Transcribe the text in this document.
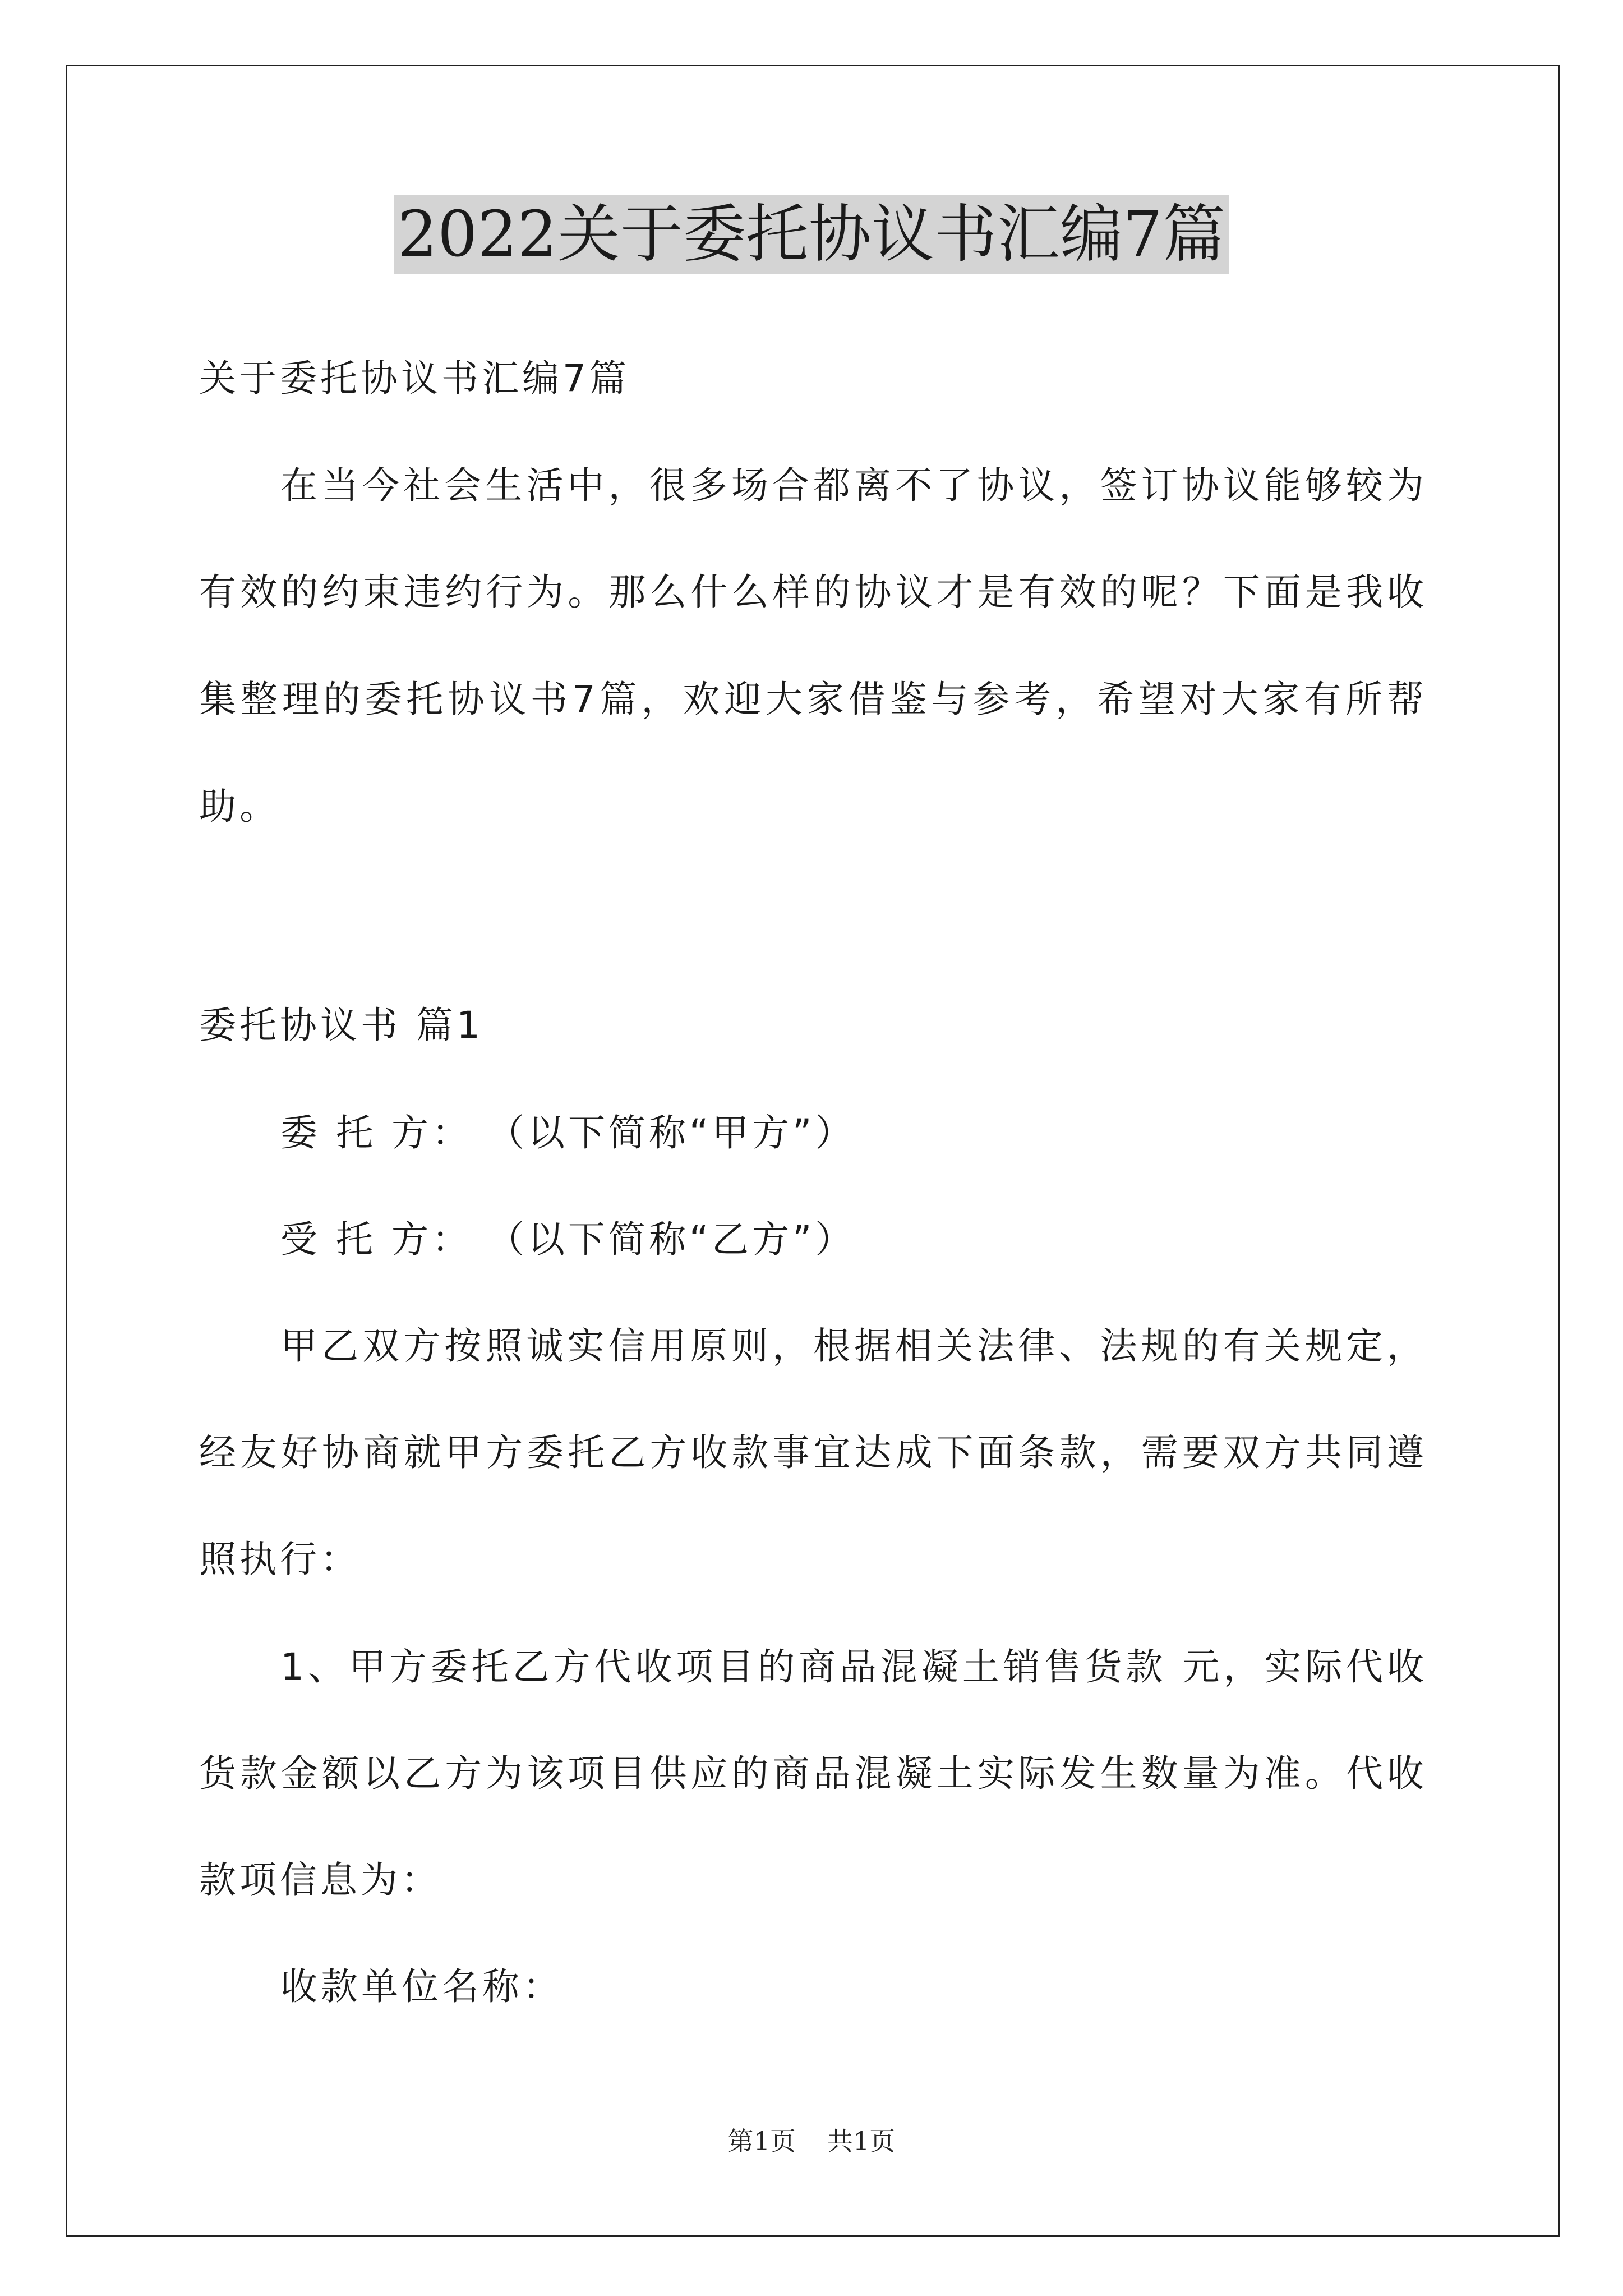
2022关于委托协议书汇编7篇
关于委托协议书汇编7篇
在当今社会生活中，很多场合都离不了协议，签订协议能够较为
有效的约束违约行为。那么什么样的协议才是有效的呢？下面是我收
集整理的委托协议书7篇，欢迎大家借鉴与参考，希望对大家有所帮
助。
委托协议书 篇1
委 托 方： （以下简称“甲方”）
受 托 方： （以下简称“乙方”）
甲乙双方按照诚实信用原则，根据相关法律、法规的有关规定，
经友好协商就甲方委托乙方收款事宜达成下面条款，需要双方共同遵
照执行：
1、甲方委托乙方代收项目的商品混凝土销售货款 元，实际代收
货款金额以乙方为该项目供应的商品混凝土实际发生数量为准。代收
款项信息为：
收款单位名称：
第1页 共1页
